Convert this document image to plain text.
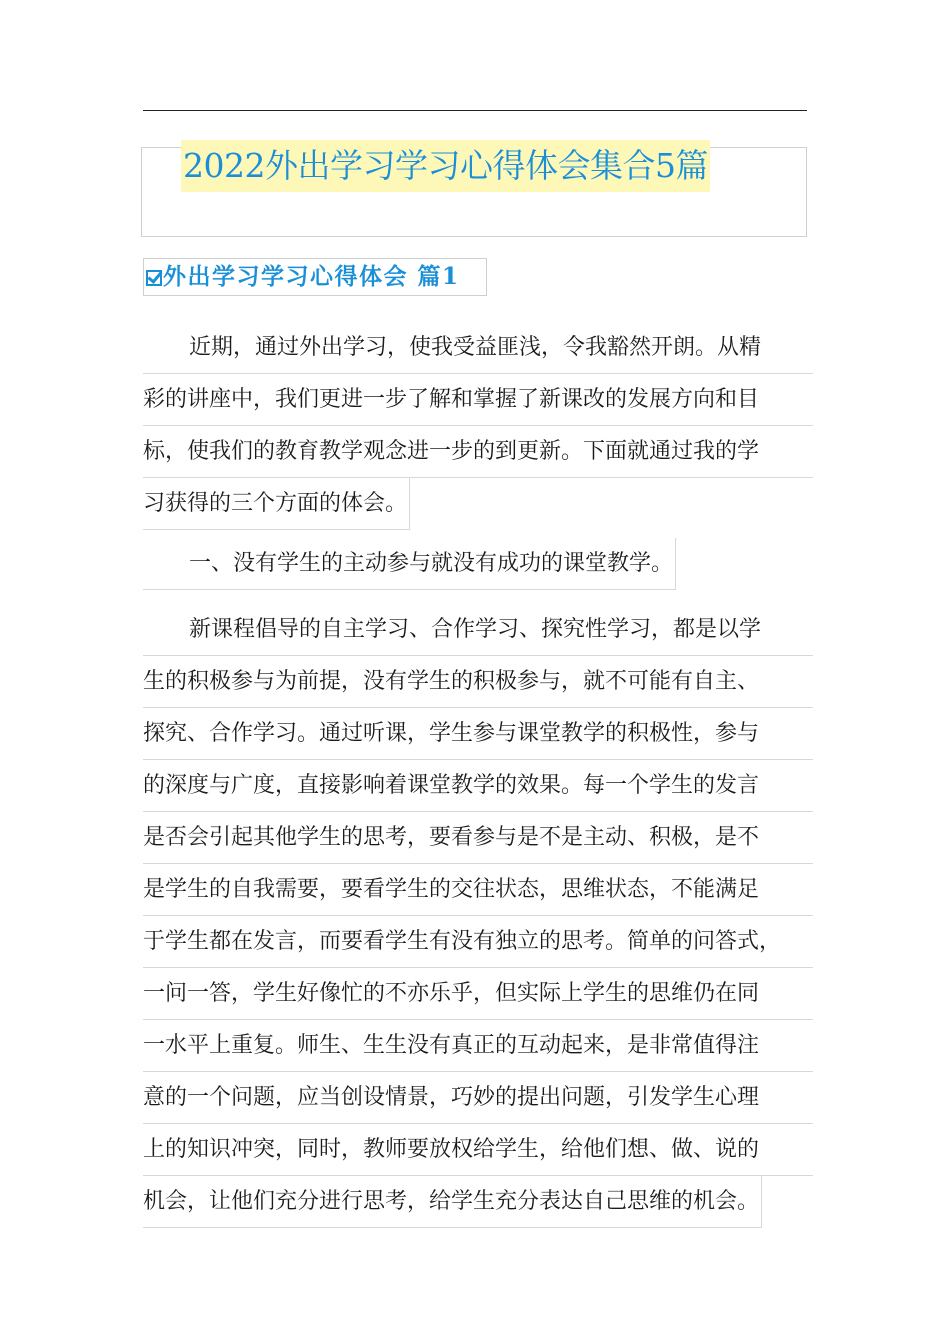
2022外出学习学习心得体会集合5篇
外出学习学习心得体会 篇1
近期，通过外出学习，使我受益匪浅，令我豁然开朗。从精
彩的讲座中，我们更进一步了解和掌握了新课改的发展方向和目
标，使我们的教育教学观念进一步的到更新。下面就通过我的学
习获得的三个方面的体会。
一、没有学生的主动参与就没有成功的课堂教学。
新课程倡导的自主学习、合作学习、探究性学习，都是以学
生的积极参与为前提，没有学生的积极参与，就不可能有自主、
探究、合作学习。通过听课，学生参与课堂教学的积极性，参与
的深度与广度，直接影响着课堂教学的效果。每一个学生的发言
是否会引起其他学生的思考，要看参与是不是主动、积极，是不
是学生的自我需要，要看学生的交往状态，思维状态，不能满足
于学生都在发言，而要看学生有没有独立的思考。简单的问答式，
一问一答，学生好像忙的不亦乐乎，但实际上学生的思维仍在同
一水平上重复。师生、生生没有真正的互动起来，是非常值得注
意的一个问题，应当创设情景，巧妙的提出问题，引发学生心理
上的知识冲突，同时，教师要放权给学生，给他们想、做、说的
机会，让他们充分进行思考，给学生充分表达自己思维的机会。
